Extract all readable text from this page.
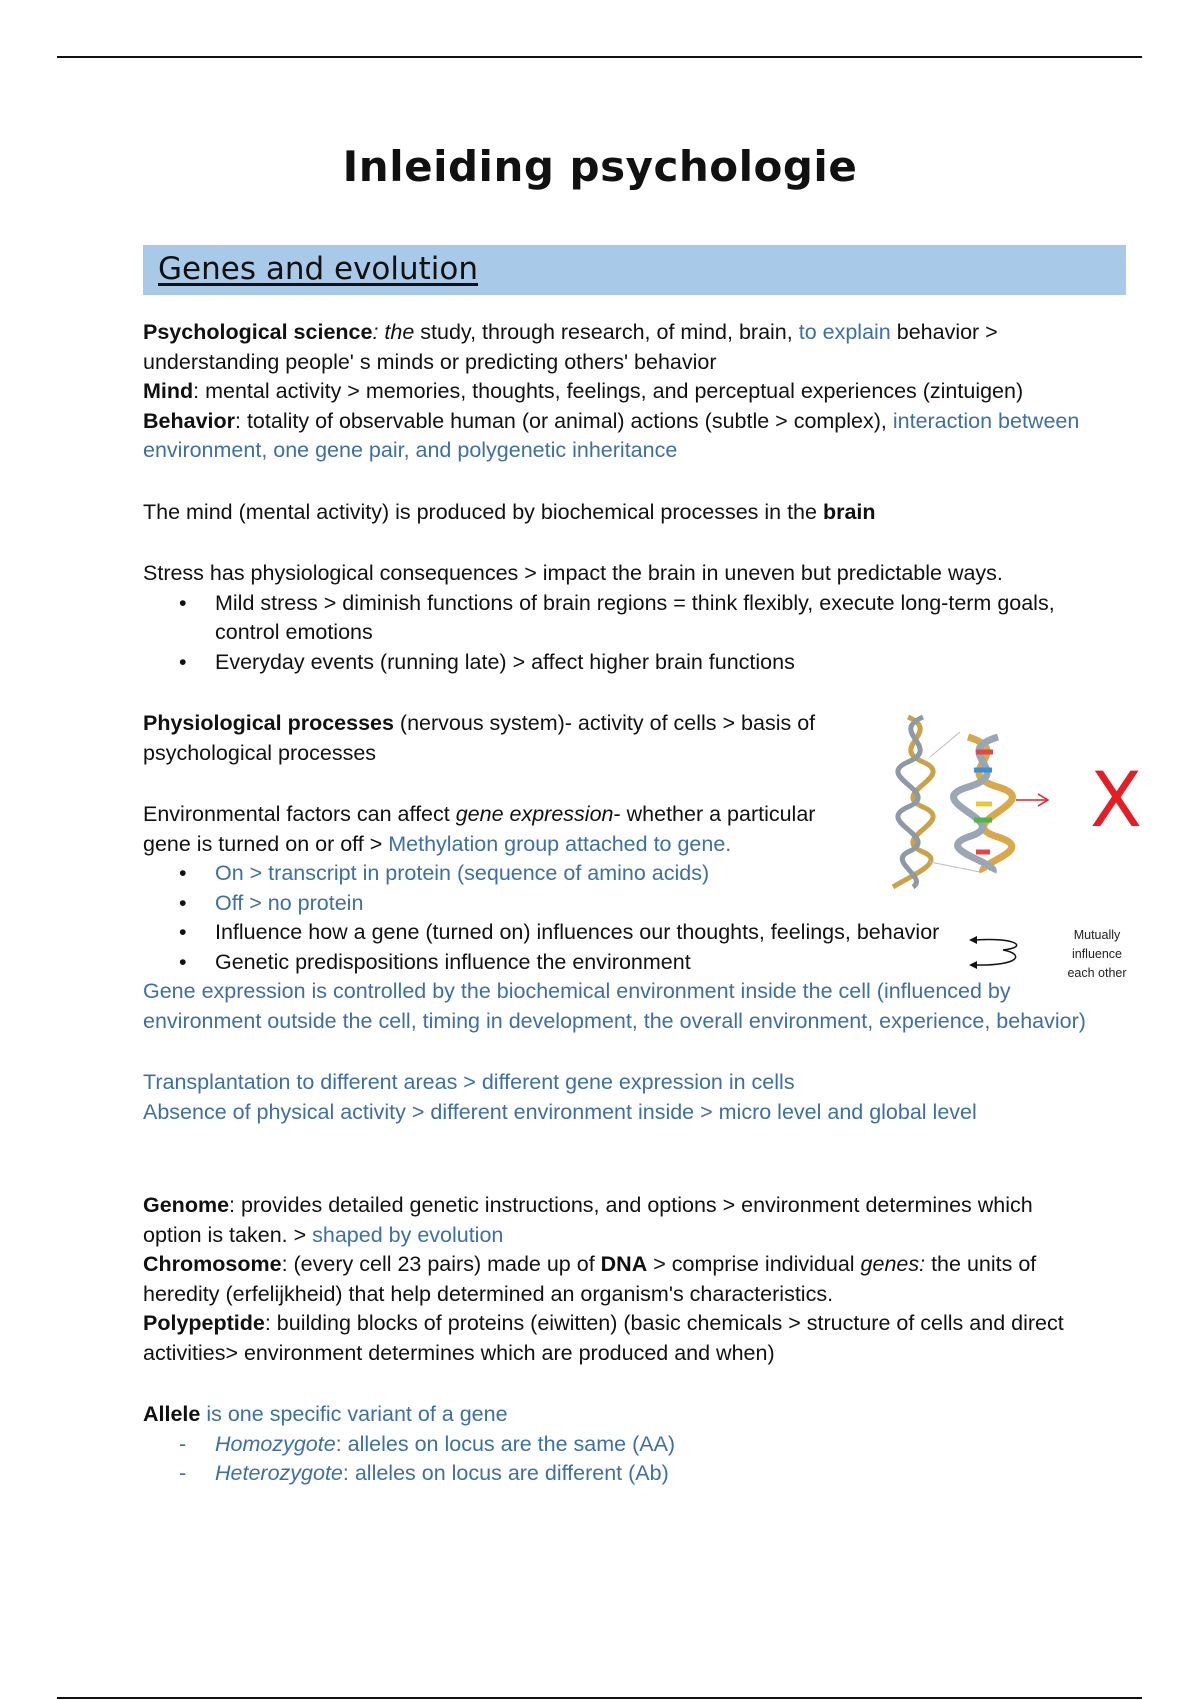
Inleiding psychologie
Genes and evolution

Psychological science: the study, through research, of mind, brain, to explain behavior > understanding people' s minds or predicting others' behavior

Mind: mental activity > memories, thoughts, feelings, and perceptual experiences (zintuigen)

Behavior: totality of observable human (or animal) actions (subtle > complex), interaction between environment, one gene pair, and polygenetic inheritance

The mind (mental activity) is produced by biochemical processes in the brain

Stress has physiological consequences > impact the brain in uneven but predictable ways.

• Mild stress > diminish functions of brain regions = think flexibly, execute long-term goals, control emotions
• Everyday events (running late) > affect higher brain functions

Physiological processes (nervous system)- activity of cells > basis of psychological processes

Environmental factors can affect gene expression- whether a particular gene is turned on or off > Methylation group attached to gene.

• On > transcript in protein (sequence of amino acids)
• Off > no protein
• Influence how a gene (turned on) influences our thoughts, feelings, behavior
• Genetic predispositions influence the environment

Gene expression is controlled by the biochemical environment inside the cell (influenced by environment outside the cell, timing in development, the overall environment, experience, behavior)

Transplantation to different areas > different gene expression in cells

Absence of physical activity > different environment inside > micro level and global level

Genome: provides detailed genetic instructions, and options > environment determines which option is taken. > shaped by evolution

Chromosome: (every cell 23 pairs) made up of DNA > comprise individual genes: the units of heredity (erfelijkheid) that help determined an organism's characteristics.

Polypeptide: building blocks of proteins (eiwitten) (basic chemicals > structure of cells and direct activities> environment determines which are produced and when)

Allele is one specific variant of a gene

- Homozygote: alleles on locus are the same (AA)
- Heterozygote: alleles on locus are different (Ab)
X
Mutually
influence
each other
